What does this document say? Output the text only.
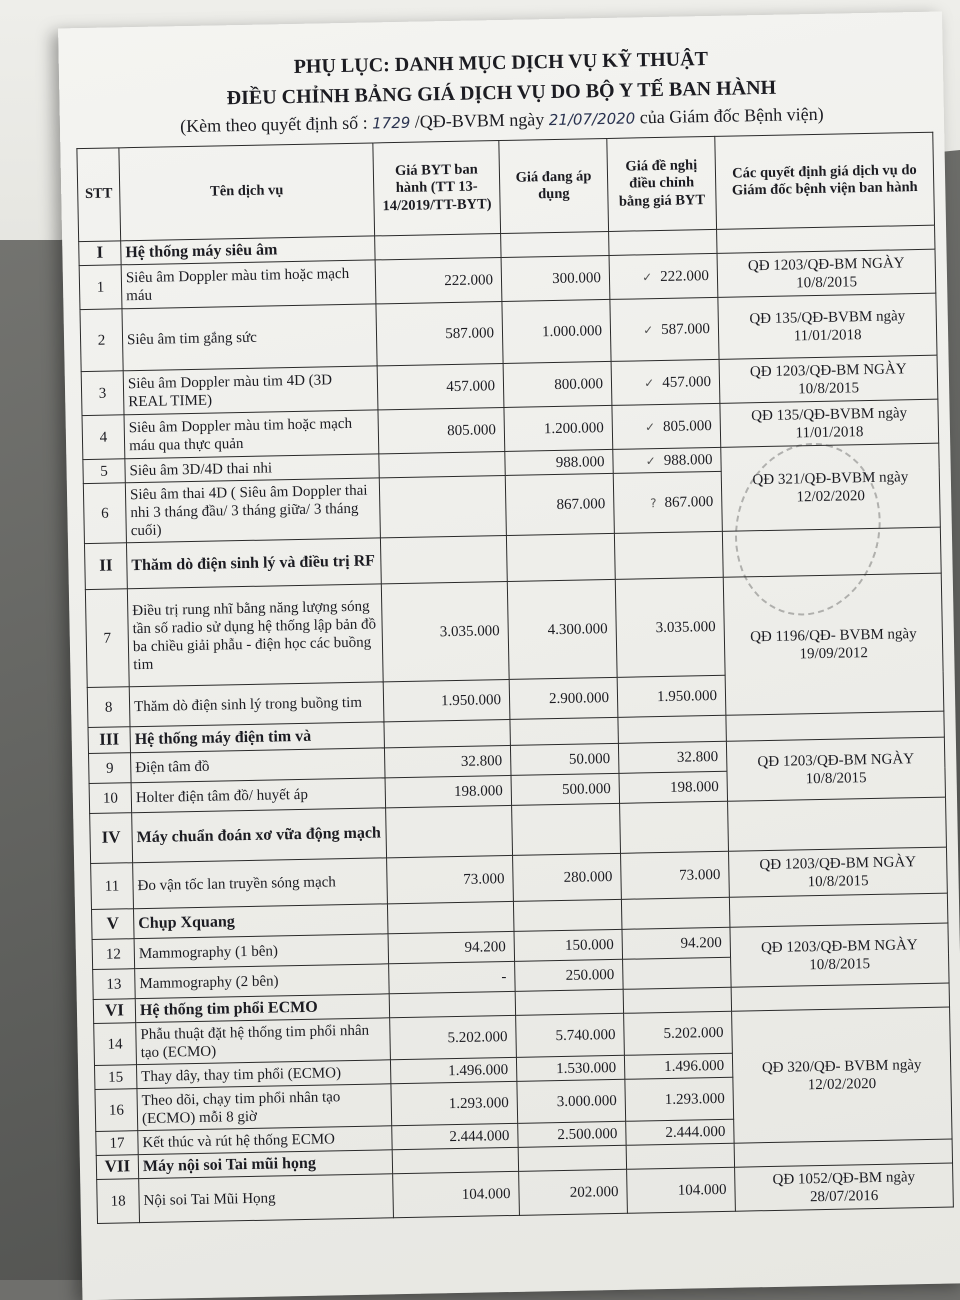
PHỤ LỤC: DANH MỤC DỊCH VỤ KỸ THUẬT
ĐIỀU CHỈNH BẢNG GIÁ DỊCH VỤ DO BỘ Y TẾ BAN HÀNH
(Kèm theo quyết định số : 1729 /QĐ-BVBM ngày 21/07/2020 của Giám đốc Bệnh viện)
STT	Tên dịch vụ	Giá BYT ban hành (TT 13-14/2019/TT-BYT)	Giá đang áp dụng	Giá đề nghị điều chỉnh bằng giá BYT	Các quyết định giá dịch vụ do Giám đốc bệnh viện ban hành
I	Hệ thống máy siêu âm				
1	Siêu âm Doppler màu tim hoặc mạch máu	222.000	300.000	✓ 222.000	QĐ 1203/QĐ-BM NGÀY 10/8/2015
2	Siêu âm tim gắng sức	587.000	1.000.000	✓ 587.000	QĐ 135/QĐ-BVBM ngày 11/01/2018
3	Siêu âm Doppler màu tim 4D (3D REAL TIME)	457.000	800.000	✓ 457.000	QĐ 1203/QĐ-BM NGÀY 10/8/2015
4	Siêu âm Doppler màu tim hoặc mạch máu qua thực quản	805.000	1.200.000	✓ 805.000	QĐ 135/QĐ-BVBM ngày 11/01/2018
5	Siêu âm 3D/4D thai nhi		988.000	✓ 988.000	QĐ 321/QĐ-BVBM ngày 12/02/2020
6	Siêu âm thai 4D ( Siêu âm Doppler thai nhi 3 tháng đầu/ 3 tháng giữa/ 3 tháng cuối)		867.000	? 867.000	
II	Thăm dò điện sinh lý và điều trị RF				
7	Điều trị rung nhĩ bằng năng lượng sóng tần số radio sử dụng hệ thống lập bản đồ ba chiều giải phẫu - điện học các buồng tim	3.035.000	4.300.000	3.035.000	QĐ 1196/QĐ- BVBM ngày 19/09/2012
8	Thăm dò điện sinh lý trong buồng tim	1.950.000	2.900.000	1.950.000	
III	Hệ thống máy điện tim và				
9	Điện tâm đồ	32.800	50.000	32.800	QĐ 1203/QĐ-BM NGÀY 10/8/2015
10	Holter điện tâm đồ/ huyết áp	198.000	500.000	198.000	
IV	Máy chuẩn đoán xơ vữa động mạch				
11	Đo vận tốc lan truyền sóng mạch	73.000	280.000	73.000	QĐ 1203/QĐ-BM NGÀY 10/8/2015
V	Chụp Xquang				
12	Mammography (1 bên)	94.200	150.000	94.200	QĐ 1203/QĐ-BM NGÀY 10/8/2015
13	Mammography (2 bên)	-	250.000		
VI	Hệ thống tim phổi ECMO				
14	Phẫu thuật đặt hệ thống tim phổi nhân tạo (ECMO)	5.202.000	5.740.000	5.202.000	QĐ 320/QĐ- BVBM ngày 12/02/2020
15	Thay dây, thay tim phổi (ECMO)	1.496.000	1.530.000	1.496.000	
16	Theo dõi, chạy tim phổi nhân tạo (ECMO) mỗi 8 giờ	1.293.000	3.000.000	1.293.000	
17	Kết thúc và rút hệ thống ECMO	2.444.000	2.500.000	2.444.000	
VII	Máy nội soi Tai mũi họng				
18	Nội soi Tai Mũi Họng	104.000	202.000	104.000	QĐ 1052/QĐ-BM ngày 28/07/2016
